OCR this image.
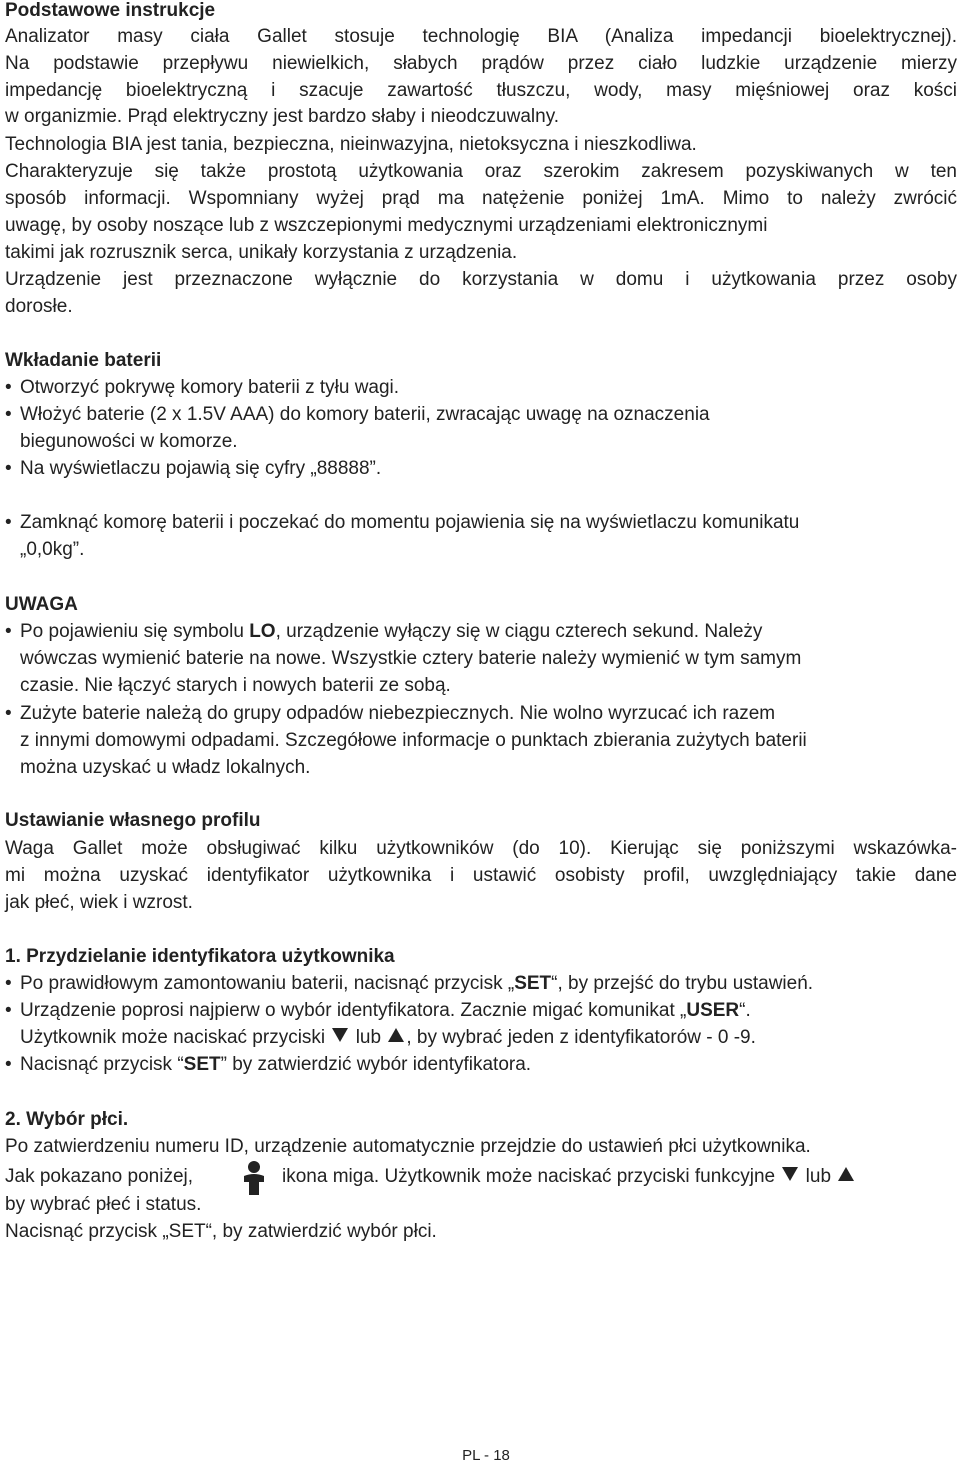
Podstawowe instrukcje
Analizator masy ciała Gallet stosuje technologię BIA (Analiza impedancji bioelektrycznej).
Na podstawie przepływu niewielkich, słabych prądów przez ciało ludzkie urządzenie mierzy
impedancję bioelektryczną i szacuje zawartość tłuszczu, wody, masy mięśniowej oraz kości
w organizmie. Prąd elektryczny jest bardzo słaby i nieodczuwalny.
Technologia BIA jest tania, bezpieczna, nieinwazyjna, nietoksyczna i nieszkodliwa.
Charakteryzuje się także prostotą użytkowania oraz szerokim zakresem pozyskiwanych w ten
sposób informacji. Wspomniany wyżej prąd ma natężenie poniżej 1mA. Mimo to należy zwrócić
uwagę, by osoby noszące lub z wszczepionymi medycznymi urządzeniami elektronicznymi
takimi jak rozrusznik serca, unikały korzystania z urządzenia.
Urządzenie jest przeznaczone wyłącznie do korzystania w domu i użytkowania przez osoby
dorosłe.
Wkładanie baterii
• Otworzyć pokrywę komory baterii z tyłu wagi.
• Włożyć baterie (2 x 1.5V AAA) do komory baterii, zwracając uwagę na oznaczenia
biegunowości w komorze.
• Na wyświetlaczu pojawią się cyfry „88888”.
• Zamknąć komorę baterii i poczekać do momentu pojawienia się na wyświetlaczu komunikatu
„0,0kg”.
UWAGA
• Po pojawieniu się symbolu LO, urządzenie wyłączy się w ciągu czterech sekund. Należy
wówczas wymienić baterie na nowe. Wszystkie cztery baterie należy wymienić w tym samym
czasie. Nie łączyć starych i nowych baterii ze sobą.
• Zużyte baterie należą do grupy odpadów niebezpiecznych. Nie wolno wyrzucać ich razem
z innymi domowymi odpadami. Szczegółowe informacje o punktach zbierania zużytych baterii
można uzyskać u władz lokalnych.
Ustawianie własnego profilu
Waga Gallet może obsługiwać kilku użytkowników (do 10). Kierując się poniższymi wskazówka-
mi można uzyskać identyfikator użytkownika i ustawić osobisty profil, uwzględniający takie dane
jak płeć, wiek i wzrost.
1. Przydzielanie identyfikatora użytkownika
• Po prawidłowym zamontowaniu baterii, nacisnąć przycisk „SET“, by przejść do trybu ustawień.
• Urządzenie poprosi najpierw o wybór identyfikatora. Zacznie migać komunikat „USER“.
Użytkownik może naciskać przyciski  lub , by wybrać jeden z identyfikatorów - 0 -9.
• Nacisnąć przycisk “SET” by zatwierdzić wybór identyfikatora.
2. Wybór płci.
Po zatwierdzeniu numeru ID, urządzenie automatycznie przejdzie do ustawień płci użytkownika.
Jak pokazano poniżej,	ikona miga. Użytkownik może naciskać przyciski funkcyjne  lub
by wybrać płeć i status.
Nacisnąć przycisk „SET“, by zatwierdzić wybór płci.
PL - 18
